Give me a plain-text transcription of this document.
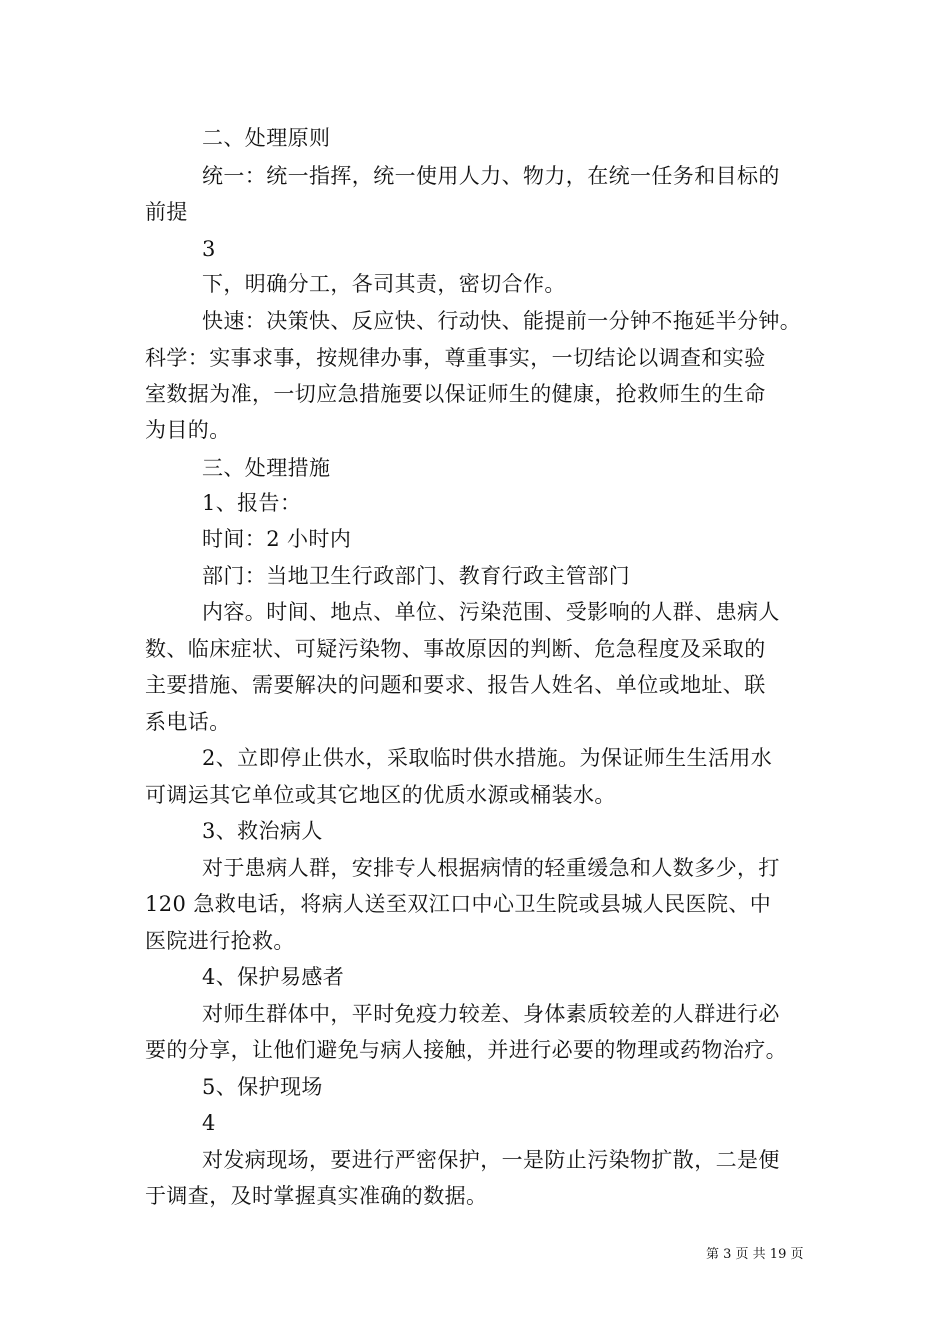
二、处理原则
统一：统一指挥，统一使用人力、物力，在统一任务和目标的
前提
3
下，明确分工，各司其责，密切合作。
快速：决策快、反应快、行动快、能提前一分钟不拖延半分钟。
科学：实事求事，按规律办事，尊重事实，一切结论以调查和实验
室数据为准，一切应急措施要以保证师生的健康，抢救师生的生命
为目的。
三、处理措施
1、报告：
时间：2 小时内
部门：当地卫生行政部门、教育行政主管部门
内容。时间、地点、单位、污染范围、受影响的人群、患病人
数、临床症状、可疑污染物、事故原因的判断、危急程度及采取的
主要措施、需要解决的问题和要求、报告人姓名、单位或地址、联
系电话。
2、立即停止供水，采取临时供水措施。为保证师生生活用水
可调运其它单位或其它地区的优质水源或桶装水。
3、救治病人
对于患病人群，安排专人根据病情的轻重缓急和人数多少，打
120 急救电话，将病人送至双江口中心卫生院或县城人民医院、中
医院进行抢救。
4、保护易感者
对师生群体中，平时免疫力较差、身体素质较差的人群进行必
要的分享，让他们避免与病人接触，并进行必要的物理或药物治疗。
5、保护现场
4
对发病现场，要进行严密保护，一是防止污染物扩散，二是便
于调查，及时掌握真实准确的数据。
第 3 页 共 19 页
